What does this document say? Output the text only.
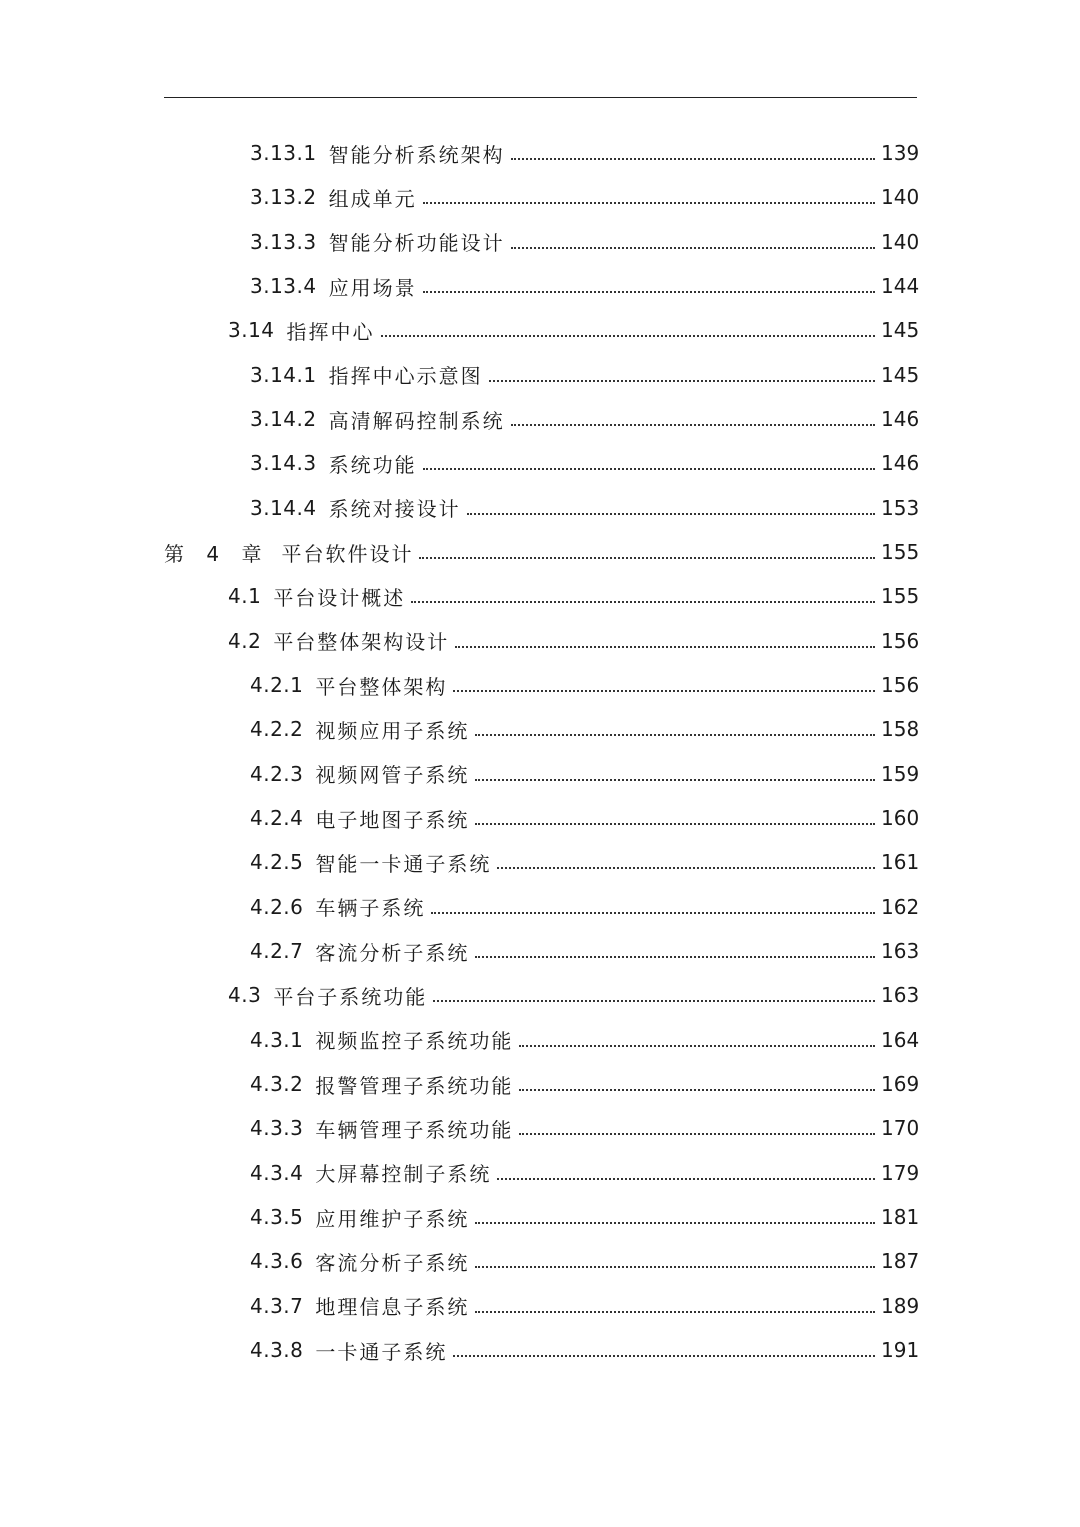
3.13.1 智能分析系统架构	139
3.13.2 组成单元	140
3.13.3 智能分析功能设计	140
3.13.4 应用场景	144
3.14 指挥中心	145
3.14.1 指挥中心示意图	145
3.14.2 高清解码控制系统	146
3.14.3 系统功能	146
3.14.4 系统对接设计	153
第 4 章 平台软件设计	155
4.1 平台设计概述	155
4.2 平台整体架构设计	156
4.2.1 平台整体架构	156
4.2.2 视频应用子系统	158
4.2.3 视频网管子系统	159
4.2.4 电子地图子系统	160
4.2.5 智能一卡通子系统	161
4.2.6 车辆子系统	162
4.2.7 客流分析子系统	163
4.3 平台子系统功能	163
4.3.1 视频监控子系统功能	164
4.3.2 报警管理子系统功能	169
4.3.3 车辆管理子系统功能	170
4.3.4 大屏幕控制子系统	179
4.3.5 应用维护子系统	181
4.3.6 客流分析子系统	187
4.3.7 地理信息子系统	189
4.3.8 一卡通子系统	191
